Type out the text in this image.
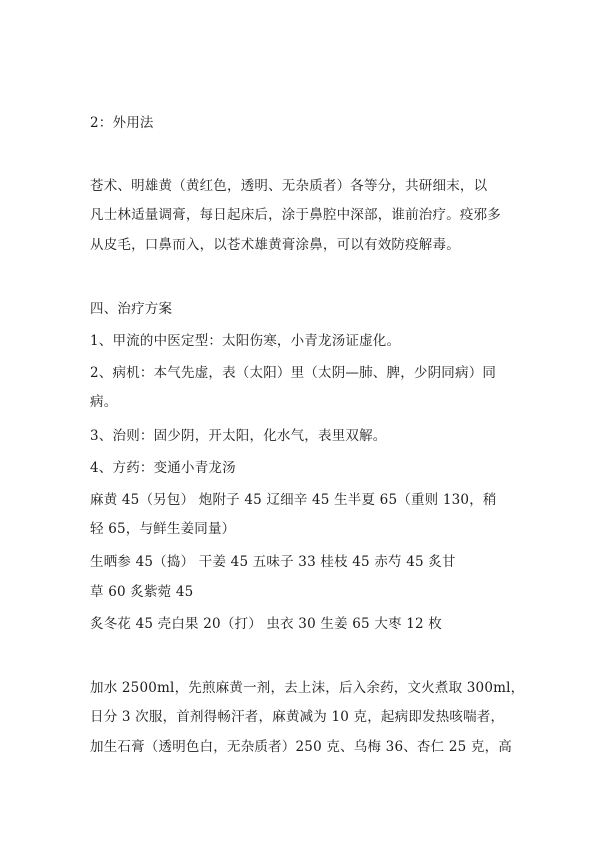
2：外用法
苍术、明雄黄（黄红色，透明、无杂质者）各等分，共研细末，以
凡士林适量调膏，每日起床后，涂于鼻腔中深部，谁前治疗。疫邪多
从皮毛，口鼻而入，以苍术雄黄膏涂鼻，可以有效防疫解毒。
四、治疗方案
1、甲流的中医定型：太阳伤寒，小青龙汤证虚化。
2、病机：本气先虚，表（太阳）里（太阴—肺、脾，少阴同病）同
病。
3、治则：固少阴，开太阳，化水气，表里双解。
4、方药：变通小青龙汤
麻黄 45（另包） 炮附子 45 辽细辛 45 生半夏 65（重则 130，稍
轻 65，与鲜生姜同量）
生晒参 45（捣） 干姜 45 五味子 33 桂枝 45 赤芍 45 炙甘
草 60 炙紫菀 45
炙冬花 45 壳白果 20（打） 虫衣 30 生姜 65 大枣 12 枚
加水 2500ml，先煎麻黄一剂，去上沫，后入余药，文火煮取 300ml，
日分 3 次服，首剂得畅汗者，麻黄减为 10 克，起病即发热咳喘者，
加生石膏（透明色白，无杂质者）250 克、乌梅 36、杏仁 25 克，高
